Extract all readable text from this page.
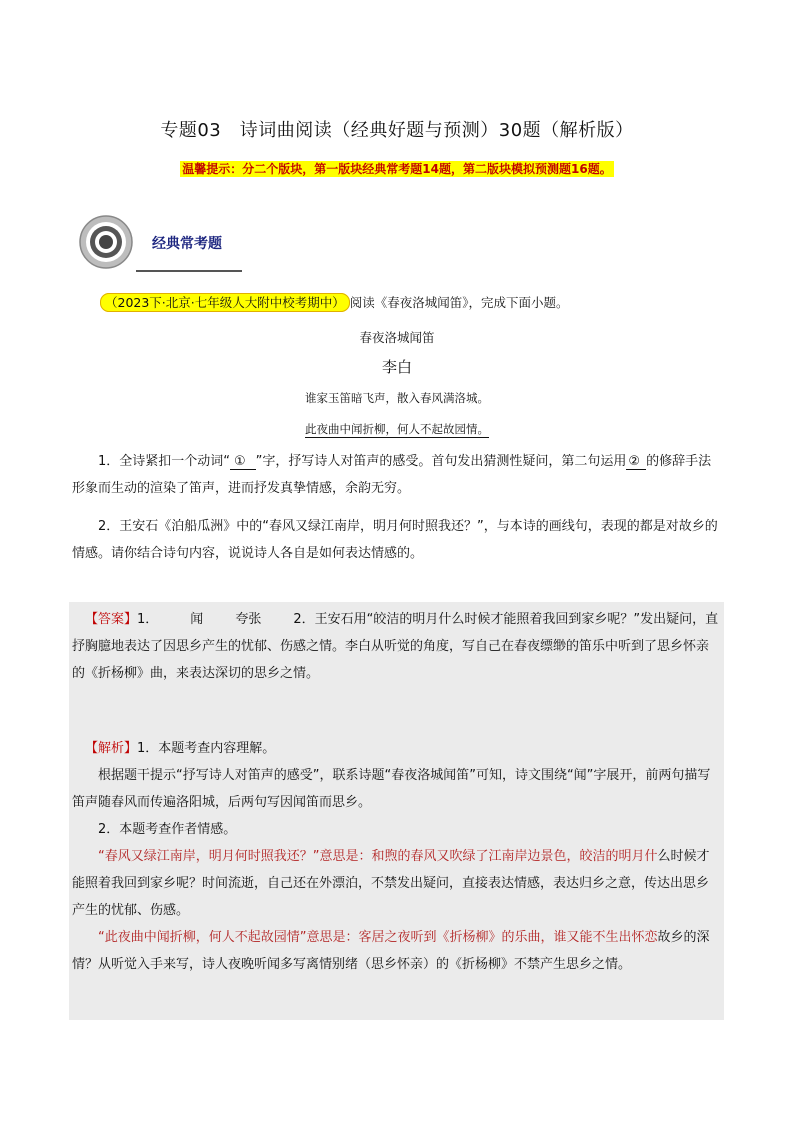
专题03　诗词曲阅读（经典好题与预测）30题（解析版）
温馨提示：分二个版块，第一版块经典常考题14题，第二版块模拟预测题16题。
经典常考题
（2023下·北京·七年级人大附中校考期中） 阅读《春夜洛城闻笛》，完成下面小题。
春夜洛城闻笛
李白
谁家玉笛暗飞声，散入春风满洛城。
此夜曲中闻折柳，何人不起故园情。
1．全诗紧扣一个动词“ ① ”字，抒写诗人对笛声的感受。首句发出猜测性疑问，第二句运用 ② 的修辞手法形象而生动的渲染了笛声，进而抒发真挚情感，余韵无穷。
2．王安石《泊船瓜洲》中的“春风又绿江南岸，明月何时照我还？”，与本诗的画线句，表现的都是对故乡的情感。请你结合诗句内容，说说诗人各自是如何表达情感的。
【答案】1． 闻 夸张 2．王安石用“皎洁的明月什么时候才能照着我回到家乡呢？”发出疑问，直抒胸臆地表达了因思乡产生的忧郁、伤感之情。李白从听觉的角度，写自己在春夜缥缈的笛乐中听到了思乡怀亲的《折杨柳》曲，来表达深切的思乡之情。
【解析】1．本题考查内容理解。
根据题干提示“抒写诗人对笛声的感受”，联系诗题“春夜洛城闻笛”可知，诗文围绕“闻”字展开，前两句描写笛声随春风而传遍洛阳城，后两句写因闻笛而思乡。
2．本题考查作者情感。
“春风又绿江南岸，明月何时照我还？”意思是：和煦的春风又吹绿了江南岸边景色，皎洁的明月什么时候才能照着我回到家乡呢？时间流逝，自己还在外漂泊，不禁发出疑问，直接表达情感，表达归乡之意，传达出思乡产生的忧郁、伤感。
“此夜曲中闻折柳，何人不起故园情”意思是：客居之夜听到《折杨柳》的乐曲，谁又能不生出怀恋故乡的深情？从听觉入手来写，诗人夜晚听闻多写离情别绪（思乡怀亲）的《折杨柳》不禁产生思乡之情。
